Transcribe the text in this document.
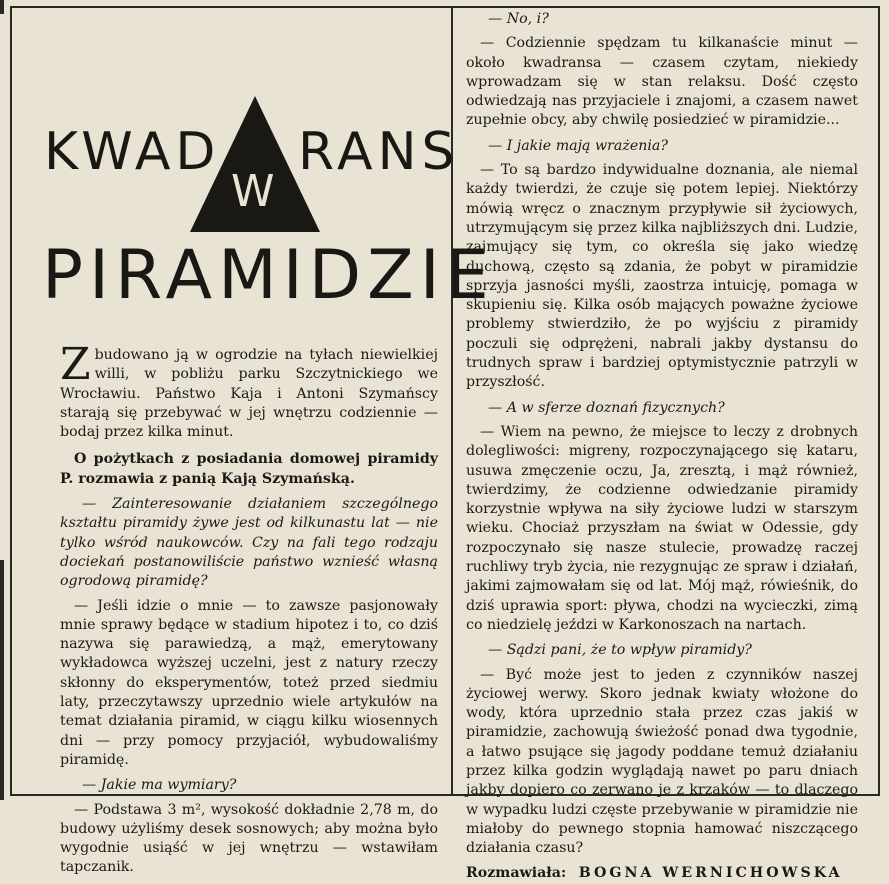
KWAD
W
RANS
PIRAMIDZIE

Zbudowano ją w ogrodzie na tyłach niewielkiej willi, w pobliżu parku Szczytnickiego we Wrocławiu. Państwo Kaja i Antoni Szymańscy starają się przebywać w jej wnętrzu codziennie — bodaj przez kilka minut.

O pożytkach z posiadania domowej piramidy P. rozmawia z panią Kają Szymańską.

— Zainteresowanie działaniem szczególnego kształtu piramidy żywe jest od kilkunastu lat — nie tylko wśród naukowców. Czy na fali tego rodzaju dociekań postanowiliście państwo wznieść własną ogrodową piramidę?

— Jeśli idzie o mnie — to zawsze pasjonowały mnie sprawy będące w stadium hipotez i to, co dziś nazywa się parawiedzą, a mąż, emerytowany wykładowca wyższej uczelni, jest z natury rzeczy skłonny do eksperymentów, toteż przed siedmiu laty, przeczytawszy uprzednio wiele artykułów na temat działania piramid, w ciągu kilku wiosennych dni — przy pomocy przyjaciół, wybudowaliśmy piramidę.

— Jakie ma wymiary?

— Podstawa 3 m², wysokość dokładnie 2,78 m, do budowy użyliśmy desek sosnowych; aby można było wygodnie usiąść w jej wnętrzu — wstawiłam tapczanik.

— No, i?

— Codziennie spędzam tu kilkanaście minut — około kwadransa — czasem czytam, niekiedy wprowadzam się w stan relaksu. Dość często odwiedzają nas przyjaciele i znajomi, a czasem nawet zupełnie obcy, aby chwilę posiedzieć w piramidzie...

— I jakie mają wrażenia?

— To są bardzo indywidualne doznania, ale niemal każdy twierdzi, że czuje się potem lepiej. Niektórzy mówią wręcz o znacznym przypływie sił życiowych, utrzymującym się przez kilka najbliższych dni. Ludzie, zajmujący się tym, co określa się jako wiedzę duchową, często są zdania, że pobyt w piramidzie sprzyja jasności myśli, zaostrza intuicję, pomaga w skupieniu się. Kilka osób mających poważne życiowe problemy stwierdziło, że po wyjściu z piramidy poczuli się odprężeni, nabrali jakby dystansu do trudnych spraw i bardziej optymistycznie patrzyli w przyszłość.

— A w sferze doznań fizycznych?

— Wiem na pewno, że miejsce to leczy z drobnych dolegliwości: migreny, rozpoczynającego się kataru, usuwa zmęczenie oczu, Ja, zresztą, i mąż również, twierdzimy, że codzienne odwiedzanie piramidy korzystnie wpływa na siły życiowe ludzi w starszym wieku. Chociaż przyszłam na świat w Odessie, gdy rozpoczynało się nasze stulecie, prowadzę raczej ruchliwy tryb życia, nie rezygnując ze spraw i działań, jakimi zajmowałam się od lat. Mój mąż, rówieśnik, do dziś uprawia sport: pływa, chodzi na wycieczki, zimą co niedzielę jeździ w Karkonoszach na nartach.

— Sądzi pani, że to wpływ piramidy?

— Być może jest to jeden z czynników naszej życiowej werwy. Skoro jednak kwiaty włożone do wody, która uprzednio stała przez czas jakiś w piramidzie, zachowują świeżość ponad dwa tygodnie, a łatwo psujące się jagody poddane temuż działaniu przez kilka godzin wyglądają nawet po paru dniach jakby dopiero co zerwano je z krzaków — to dlaczego w wypadku ludzi częste przebywanie w piramidzie nie miałoby do pewnego stopnia hamować niszczącego działania czasu?

Rozmawiała: BOGNA WERNICHOWSKA
